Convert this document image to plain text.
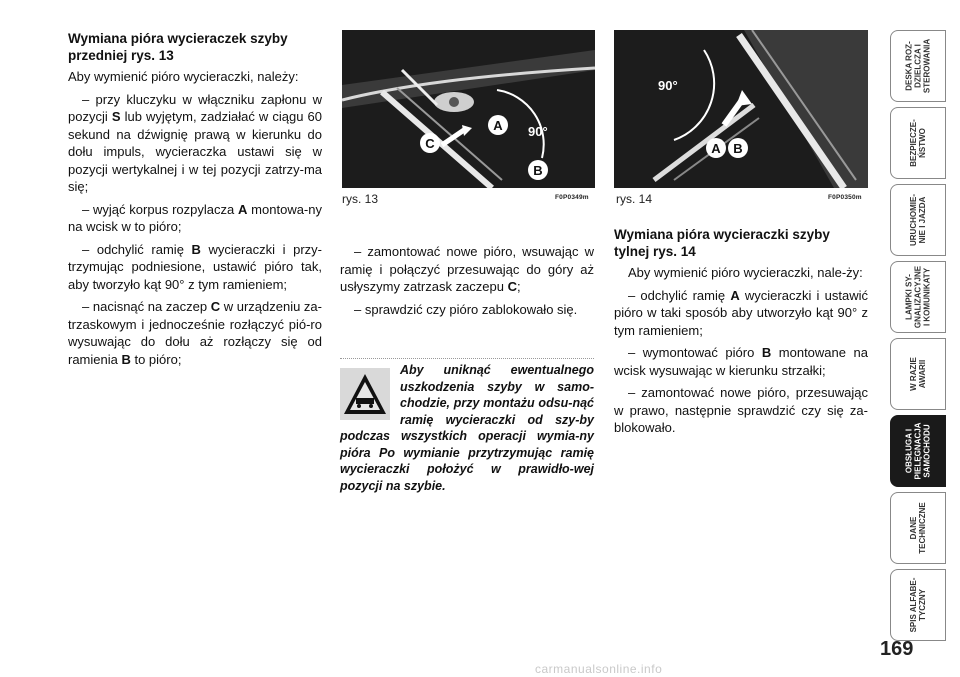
Wymiana pióra wycieraczek szyby przedniej rys. 13

Aby wymienić pióro wycieraczki, należy:

– przy kluczyku w włączniku zapłonu w pozycji S lub wyjętym, zadziałać w ciągu 60 sekund na dźwignię prawą w kierunku do dołu impuls, wycieraczka ustawi się w pozycji wertykalnej i w tej pozycji zatrzy-ma się;

– wyjąć korpus rozpylacza A montowa-ny na wcisk w to pióro;

– odchylić ramię B wycieraczki i przy-trzymując podniesione, ustawić pióro tak, aby tworzyło kąt 90° z tym ramieniem;

– nacisnąć na zaczep C w urządzeniu za-trzaskowym i jednocześnie rozłączyć pió-ro wysuwając do dołu aż rozłączy się od ramienia B to pióro;

A
B
C
90°
rys. 13	F0P0349m
A B
90°
rys. 14	F0P0350m

– zamontować nowe pióro, wsuwając w ramię i połączyć przesuwając do góry aż usłyszymy zatrzask zaczepu C;

– sprawdzić czy pióro zablokowało się.

Aby uniknąć ewentualnego uszkodzenia szyby w samo-chodzie, przy montażu odsu-nąć ramię wycieraczki od szy-by podczas wszystkich operacji wymia-ny pióra Po wymianie przytrzymując ramię wycieraczki położyć w prawidło-wej pozycji na szybie.
Wymiana pióra wycieraczki szyby tylnej rys. 14

Aby wymienić pióro wycieraczki, nale-ży:

– odchylić ramię A wycieraczki i ustawić pióro w taki sposób aby utworzyło kąt 90° z tym ramieniem;

– wymontować pióro B montowane na wcisk wysuwając w kierunku strzałki;

– zamontować nowe pióro, przesuwając w prawo, następnie sprawdzić czy się za-blokowało.

DESKA ROZ-
DZIELCZA I
STEROWANIA
BEZPIECZE-
ŃSTWO
URUCHOMIE-
NIE I JAZDA
LAMPKI SY-
GNALIZACYJNE
I KOMUNIKATY
W RAZIE
AWARII
OBSŁUGA I
PIELĘGNACJA
SAMOCHODU
DANE
TECHNICZNE
SPIS ALFABE-
TYCZNY
169
carmanualsonline.info
